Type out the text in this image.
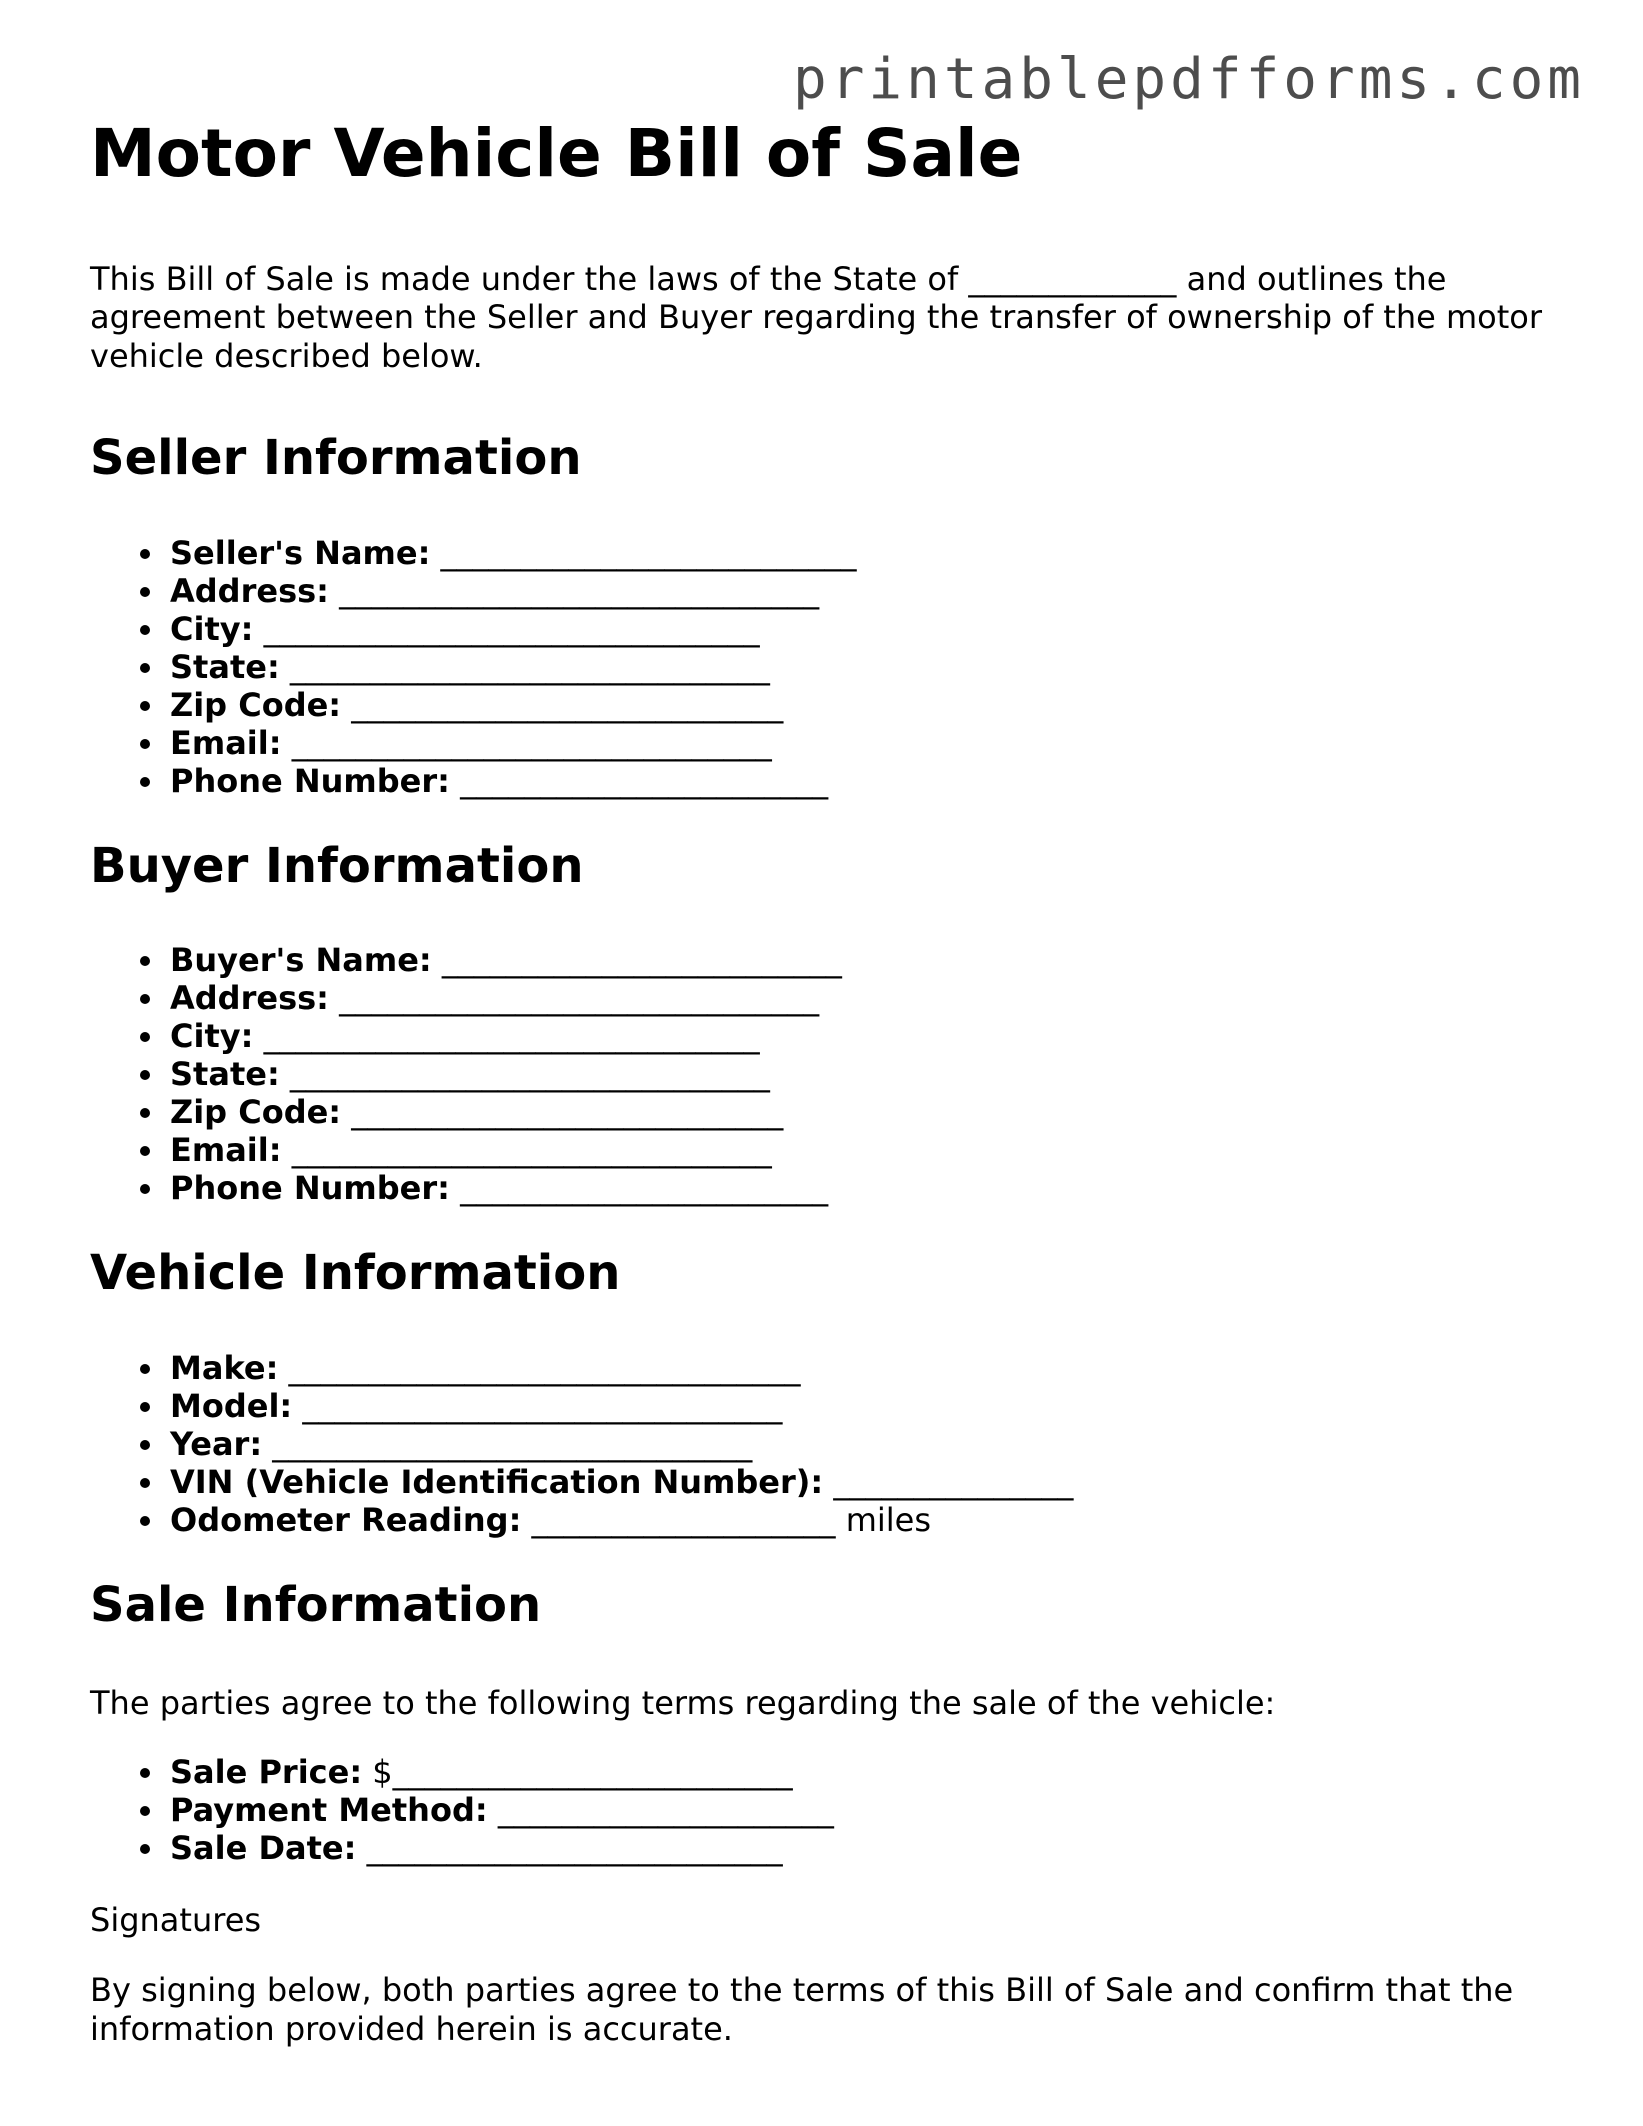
printablepdfforms.com
Motor Vehicle Bill of Sale

This Bill of Sale is made under the laws of the State of _____________ and outlines the agreement between the Seller and Buyer regarding the transfer of ownership of the motor vehicle described below.

Seller Information
Seller's Name: __________________________
Address: ______________________________
City: _______________________________
State: ______________________________
Zip Code: ___________________________
Email: ______________________________
Phone Number: _______________________
Buyer Information
Buyer's Name: _________________________
Address: ______________________________
City: _______________________________
State: ______________________________
Zip Code: ___________________________
Email: ______________________________
Phone Number: _______________________
Vehicle Information
Make: ________________________________
Model: ______________________________
Year: ______________________________
VIN (Vehicle Identification Number): _______________
Odometer Reading: ___________________ miles
Sale Information

The parties agree to the following terms regarding the sale of the vehicle:

Sale Price: $_________________________
Payment Method: _____________________
Sale Date: __________________________

Signatures

By signing below, both parties agree to the terms of this Bill of Sale and confirm that the information provided herein is accurate.
